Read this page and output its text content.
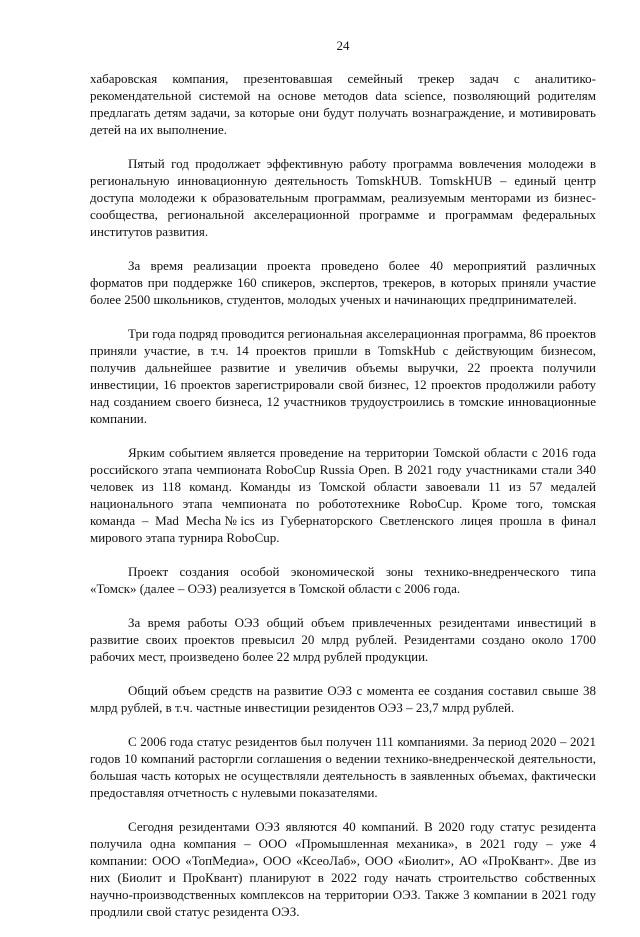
24

хабаровская компания, презентовавшая семейный трекер задач с аналитико-рекомендательной системой на основе методов data science, позволяющий родителям предлагать детям задачи, за которые они будут получать вознаграждение, и мотивировать детей на их выполнение.

Пятый год продолжает эффективную работу программа вовлечения молодежи в региональную инновационную деятельность TomskHUB. TomskHUB – единый центр доступа молодежи к образовательным программам, реализуемым менторами из бизнес-сообщества, региональной акселерационной программе и программам федеральных институтов развития.

За время реализации проекта проведено более 40 мероприятий различных форматов при поддержке 160 спикеров, экспертов, трекеров, в которых приняли участие более 2500 школьников, студентов, молодых ученых и начинающих предпринимателей.

Три года подряд проводится региональная акселерационная программа, 86 проектов приняли участие, в т.ч. 14 проектов пришли в TomskHub с действующим бизнесом, получив дальнейшее развитие и увеличив объемы выручки, 22 проекта получили инвестиции, 16 проектов зарегистрировали свой бизнес, 12 проектов продолжили работу над созданием своего бизнеса, 12 участников трудоустроились в томские инновационные компании.

Ярким событием является проведение на территории Томской области с 2016 года российского этапа чемпионата RoboCup Russia Open. В 2021 году участниками стали 340 человек из 118 команд. Команды из Томской области завоевали 11 из 57 медалей национального этапа чемпионата по робототехнике RoboCup. Кроме того, томская команда – Mad Mecha№ics из Губернаторского Светленского лицея прошла в финал мирового этапа турнира RoboCup.

Проект создания особой экономической зоны технико-внедренческого типа «Томск» (далее – ОЭЗ) реализуется в Томской области с 2006 года.

За время работы ОЭЗ общий объем привлеченных резидентами инвестиций в развитие своих проектов превысил 20 млрд рублей. Резидентами создано около 1700 рабочих мест, произведено более 22 млрд рублей продукции.

Общий объем средств на развитие ОЭЗ с момента ее создания составил свыше 38 млрд рублей, в т.ч. частные инвестиции резидентов ОЭЗ – 23,7 млрд рублей.

С 2006 года статус резидентов был получен 111 компаниями. За период 2020 – 2021 годов 10 компаний расторгли соглашения о ведении технико-внедренческой деятельности, большая часть которых не осуществляли деятельность в заявленных объемах, фактически предоставляя отчетность с нулевыми показателями.

Сегодня резидентами ОЭЗ являются 40 компаний. В 2020 году статус резидента получила одна компания – ООО «Промышленная механика», в 2021 году – уже 4 компании: ООО «ТопМедиа», ООО «КсеоЛаб», ООО «Биолит», АО «ПроКвант». Две из них (Биолит и ПроКвант) планируют в 2022 году начать строительство собственных научно-производственных комплексов на территории ОЭЗ. Также 3 компании в 2021 году продлили свой статус резидента ОЭЗ.
